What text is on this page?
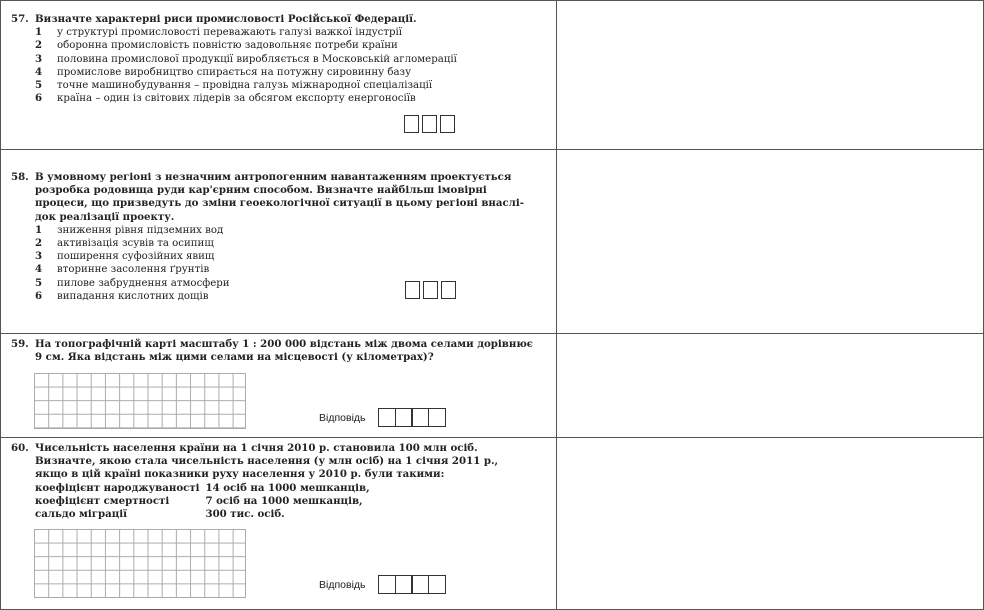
57. Визначте характерні риси промисловості Російської Федерації.
1 у структурі промисловості переважають галузі важкої індустрії
2 оборонна промисловість повністю задовольняє потреби країни
3 половина промислової продукції виробляється в Московській агломерації
4 промислове виробництво спирається на потужну сировинну базу
5 точне машинобудування – провідна галузь міжнародної спеціалізації
6 країна – один із світових лідерів за обсягом експорту енергоносіїв
58. В умовному регіоні з незначним антропогенним навантаженням проектується
розробка родовища руди кар'єрним способом. Визначте найбільш імовірні
процеси, що призведуть до зміни геоекологічної ситуації в цьому регіоні внаслі-
док реалізації проекту.
1 зниження рівня підземних вод
2 активізація зсувів та осипищ
3 поширення суфозійних явищ
4 вторинне засолення ґрунтів
5 пилове забруднення атмосфери
6 випадання кислотних дощів
59. На топографічній карті масштабу 1 : 200 000 відстань між двома селами дорівнює
9 см. Яка відстань між цими селами на місцевості (у кілометрах)?
Відповідь
60. Чисельність населення країни на 1 січня 2010 р. становила 100 млн осіб.
Визначте, якою стала чисельність населення (у млн осіб) на 1 січня 2011 р.,
якщо в цій країні показники руху населення у 2010 р. були такими:
коефіцієнт народжуваності	14 осіб на 1000 мешканців,
коефіцієнт смертності	7 осіб на 1000 мешканців,
сальдо міграції	300 тис. осіб.
Відповідь
